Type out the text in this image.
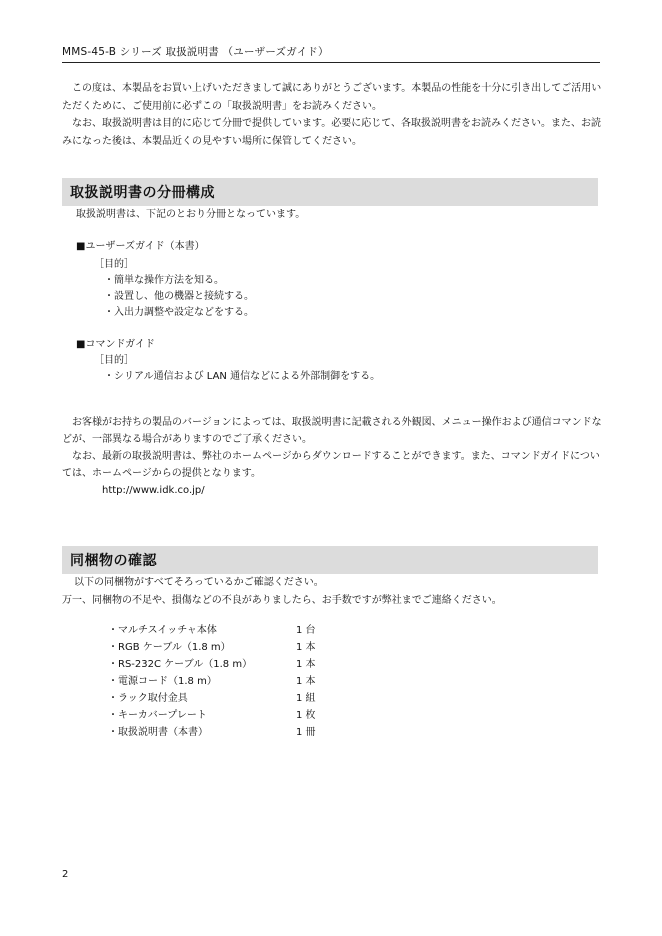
MMS-45-B シリーズ 取扱説明書 （ユーザーズガイド）

この度は、本製品をお買い上げいただきまして誠にありがとうございます。本製品の性能を十分に引き出してご活用いただくために、ご使用前に必ずこの「取扱説明書」をお読みください。

なお、取扱説明書は目的に応じて分冊で提供しています。必要に応じて、各取扱説明書をお読みください。また、お読みになった後は、本製品近くの見やすい場所に保管してください。

取扱説明書の分冊構成
取扱説明書は、下記のとおり分冊となっています。
■ユーザーズガイド（本書）
［目的］
・簡単な操作方法を知る。
・設置し、他の機器と接続する。
・入出力調整や設定などをする。
■コマンドガイド
［目的］
・シリアル通信および LAN 通信などによる外部制御をする。

お客様がお持ちの製品のバージョンによっては、取扱説明書に記載される外観図、メニュー操作および通信コマンドなどが、一部異なる場合がありますのでご了承ください。

なお、最新の取扱説明書は、弊社のホームページからダウンロードすることができます。また、コマンドガイドについては、ホームページからの提供となります。

http://www.idk.co.jp/
同梱物の確認
以下の同梱物がすべてそろっているかご確認ください。
万一、同梱物の不足や、損傷などの不良がありましたら、お手数ですが弊社までご連絡ください。
・マルチスイッチャ本体	1 台
・RGB ケーブル（1.8 m）	1 本
・RS-232C ケーブル（1.8 m）	1 本
・電源コード（1.8 m）	1 本
・ラック取付金具	1 組
・キーカバープレート	1 枚
・取扱説明書（本書）	1 冊
2
